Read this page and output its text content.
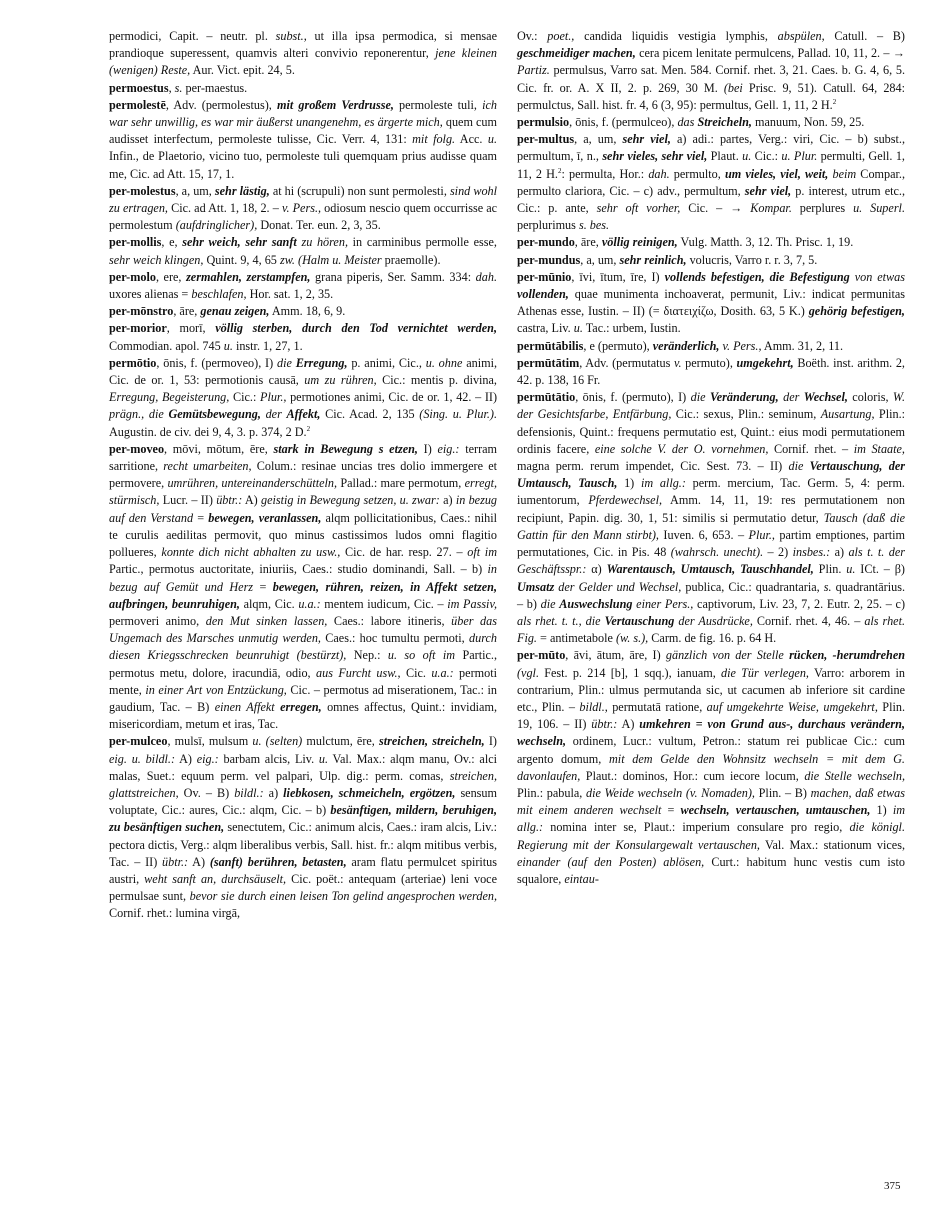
permodici, Capit. – neutr. pl. subst., ut illa ipsa permodica, si mensae prandioque superessent, quamvis alteri convivio reponerentur, jene kleinen (wenigen) Reste, Aur. Vict. epit. 24, 5.

permoestus, s. per-maestus.

permolestē, Adv. (permolestus), mit großem Verdrusse, permoleste tuli, ich war sehr unwillig, es war mir äußerst unangenehm, es ärgerte mich, quem cum audisset interfectum, permoleste tulisse, Cic. Verr. 4, 131: mit folg. Acc. u. Infin., de Plaetorio, vicino tuo, permoleste tuli quemquam prius audisse quam me, Cic. ad Att. 15, 17, 1.

per-molestus, a, um, sehr lästig, at hi (scrupuli) non sunt permolesti, sind wohl zu ertragen, Cic. ad Att. 1, 18, 2. – v. Pers., odiosum nescio quem occurrisse ac permolestum (aufdringlicher), Donat. Ter. eun. 2, 3, 35.

per-mollis, e, sehr weich, sehr sanft zu hören, in carminibus permolle esse, sehr weich klingen, Quint. 9, 4, 65 zw. (Halm u. Meister praemolle).

per-molo, ere, zermahlen, zerstampfen, grana piperis, Ser. Samm. 334: dah. uxores alienas = beschlafen, Hor. sat. 1, 2, 35.

per-mōnstro, āre, genau zeigen, Amm. 18, 6, 9.

per-morior, morī, völlig sterben, durch den Tod vernichtet werden, Commodian. apol. 745 u. instr. 1, 27, 1.

permōtio, ōnis, f. (permoveo), I) die Erregung, p. animi, Cic., u. ohne animi, Cic. de or. 1, 53: permotionis causā, um zu rühren, Cic.: mentis p. divina, Erregung, Begeisterung, Cic.: Plur., permotiones animi, Cic. de or. 1, 42. – II) prägn., die Gemütsbewegung, der Affekt, Cic. Acad. 2, 135 (Sing. u. Plur.). Augustin. de civ. dei 9, 4, 3. p. 374, 2 D.$^2$

per-moveo, mōvi, mōtum, ēre, stark in Bewegung s etzen, I) eig.: terram sarritione, recht umarbeiten, Colum.: resinae uncias tres dolio immergere et permovere, umrühren, untereinanderschütteln, Pallad.: mare permotum, erregt, stürmisch, Lucr. – II) übtr.: A) geistig in Bewegung setzen, u. zwar: a) in bezug auf den Verstand = bewegen, veranlassen, alqm pollicitationibus, Caes.: nihil te curulis aedilitas permovit, quo minus castissimos ludos omni flagitio pollueres, konnte dich nicht abhalten zu usw., Cic. de har. resp. 27. – oft im Partic., permotus auctoritate, iniuriis, Caes.: studio dominandi, Sall. – b) in bezug auf Gemüt und Herz = bewegen, rühren, reizen, in Affekt setzen, aufbringen, beunruhigen, alqm, Cic. u.a.: mentem iudicum, Cic. – im Passiv, permoveri animo, den Mut sinken lassen, Caes.: labore itineris, über das Ungemach des Marsches unmutig werden, Caes.: hoc tumultu permoti, durch diesen Kriegsschrecken beunruhigt (bestürzt), Nep.: u. so oft im Partic., permotus metu, dolore, iracundiā, odio, aus Furcht usw., Cic. u.a.: permoti mente, in einer Art von Entzückung, Cic. – permotus ad miserationem, Tac.: in gaudium, Tac. – B) einen Affekt erregen, omnes affectus, Quint.: invidiam, misericordiam, metum et iras, Tac.

per-mulceo, mulsī, mulsum u. (selten) mulctum, ēre, streichen, streicheln, I) eig. u. bildl.: A) eig.: barbam alcis, Liv. u. Val. Max.: alqm manu, Ov.: alci malas, Suet.: equum perm. vel palpari, Ulp. dig.: perm. comas, streichen, glattstreichen, Ov. – B) bildl.: a) liebkosen, schmeicheln, ergötzen, sensum voluptate, Cic.: aures, Cic.: alqm, Cic. – b) besänftigen, mildern, beruhigen, zu besänftigen suchen, senectutem, Cic.: animum alcis, Caes.: iram alcis, Liv.: pectora dictis, Verg.: alqm liberalibus verbis, Sall. hist. fr.: alqm mitibus verbis, Tac. – II) übtr.: A) (sanft) berühren, betasten, aram flatu permulcet spiritus austri, weht sanft an, durchsäuselt, Cic. poët.: antequam (arteriae) leni voce permulsae sunt, bevor sie durch einen leisen Ton gelind angesprochen werden, Cornif. rhet.: lumina virgā,

Ov.: poet., candida liquidis vestigia lymphis, abspülen, Catull. – B) geschmeidiger machen, cera picem lenitate permulcens, Pallad. 10, 11, 2. – → Partiz. permulsus, Varro sat. Men. 584. Cornif. rhet. 3, 21. Caes. b. G. 4, 6, 5. Cic. fr. or. A. X II, 2. p. 269, 30 M. (bei Prisc. 9, 51). Catull. 64, 284: permulctus, Sall. hist. fr. 4, 6 (3, 95): permultus, Gell. 1, 11, 2 H.$^2$

permulsio, ōnis, f. (permulceo), das Streicheln, manuum, Non. 59, 25.

per-multus, a, um, sehr viel, a) adi.: partes, Verg.: viri, Cic. – b) subst., permultum, ī, n., sehr vieles, sehr viel, Plaut. u. Cic.: u. Plur. permulti, Gell. 1, 11, 2 H.$^2$: permulta, Hor.: dah. permulto, um vieles, viel, weit, beim Compar., permulto clariora, Cic. – c) adv., permultum, sehr viel, p. interest, utrum etc., Cic.: p. ante, sehr oft vorher, Cic. – → Kompar. perplures u. Superl. perplurimus s. bes.

per-mundo, āre, völlig reinigen, Vulg. Matth. 3, 12. Th. Prisc. 1, 19.

per-mundus, a, um, sehr reinlich, volucris, Varro r. r. 3, 7, 5.

per-mūnio, īvi, ītum, īre, I) vollends befestigen, die Befestigung von etwas vollenden, quae munimenta inchoaverat, permunit, Liv.: indicat permunitas Athenas esse, Iustin. – II) (= διατειχίζω, Dosith. 63, 5 K.) gehörig befestigen, castra, Liv. u. Tac.: urbem, Iustin.

permūtābilis, e (permuto), veränderlich, v. Pers., Amm. 31, 2, 11.

permūtātim, Adv. (permutatus v. permuto), umgekehrt, Boëth. inst. arithm. 2, 42. p. 138, 16 Fr.

permūtātio, ōnis, f. (permuto), I) die Veränderung, der Wechsel, coloris, W. der Gesichtsfarbe, Entfärbung, Cic.: sexus, Plin.: seminum, Ausartung, Plin.: defensionis, Quint.: frequens permutatio est, Quint.: eius modi permutationem ordinis facere, eine solche V. der O. vornehmen, Cornif. rhet. – im Staate, magna perm. rerum impendet, Cic. Sest. 73. – II) die Vertauschung, der Umtausch, Tausch, 1) im allg.: perm. mercium, Tac. Germ. 5, 4: perm. iumentorum, Pferdewechsel, Amm. 14, 11, 19: res permutationem non recipiunt, Papin. dig. 30, 1, 51: similis si permutatio detur, Tausch (daß die Gattin für den Mann stirbt), Iuven. 6, 653. – Plur., partim emptiones, partim permutationes, Cic. in Pis. 48 (wahrsch. unecht). – 2) insbes.: a) als t. t. der Geschäftsspr.: α) Warentausch, Umtausch, Tauschhandel, Plin. u. ICt. – β) Umsatz der Gelder und Wechsel, publica, Cic.: quadrantaria, s. quadrantārius. – b) die Auswechslung einer Pers., captivorum, Liv. 23, 7, 2. Eutr. 2, 25. – c) als rhet. t. t., die Vertauschung der Ausdrücke, Cornif. rhet. 4, 46. – als rhet. Fig. = antimetabole (w. s.), Carm. de fig. 16. p. 64 H.

per-mūto, āvi, ātum, āre, I) gänzlich von der Stelle rücken, -herumdrehen (vgl. Fest. p. 214 [b], 1 sqq.), ianuam, die Tür verlegen, Varro: arborem in contrarium, Plin.: ulmus permutanda sic, ut cacumen ab inferiore sit cardine etc., Plin. – bildl., permutatā ratione, auf umgekehrte Weise, umgekehrt, Plin. 19, 106. – II) übtr.: A) umkehren = von Grund aus-, durchaus verändern, wechseln, ordinem, Lucr.: vultum, Petron.: statum rei publicae Cic.: cum argento domum, mit dem Gelde den Wohnsitz wechseln = mit dem G. davonlaufen, Plaut.: dominos, Hor.: cum iecore locum, die Stelle wechseln, Plin.: pabula, die Weide wechseln (v. Nomaden), Plin. – B) machen, daß etwas mit einem anderen wechselt = wechseln, vertauschen, umtauschen, 1) im allg.: nomina inter se, Plaut.: imperium consulare pro regio, die königl. Regierung mit der Konsulargewalt vertauschen, Val. Max.: stationum vices, einander (auf den Posten) ablösen, Curt.: habitum hunc vestis cum isto squalore, eintau-

375
